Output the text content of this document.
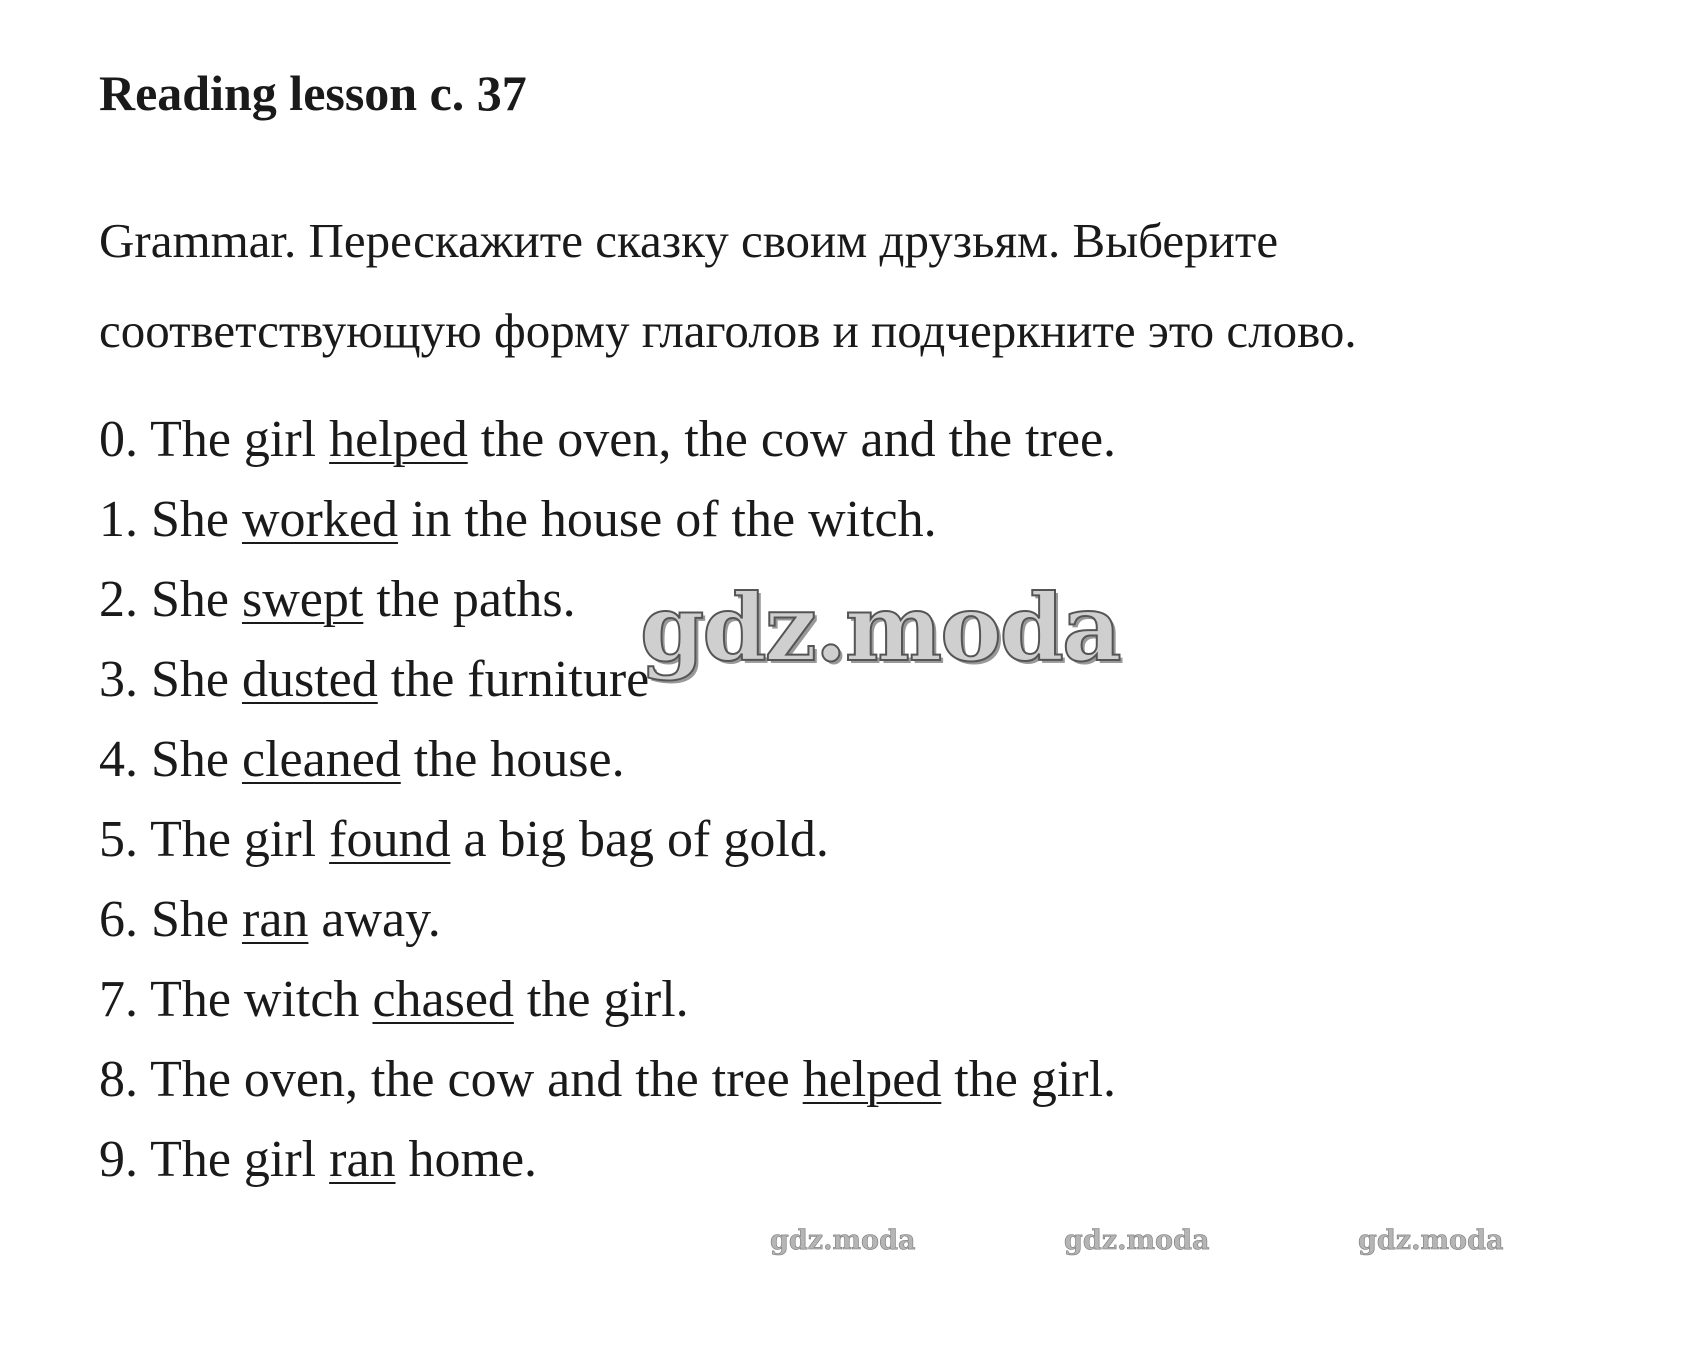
Reading lesson с. 37
Grammar. Перескажите сказку своим друзьям. Выберите
соответствующую форму глаголов и подчеркните это слово.
0. The girl helped the oven, the cow and the tree.
1. She worked in the house of the witch.
2. She swept the paths.
3. She dusted the furniture
4. She cleaned the house.
5. The girl found a big bag of gold.
6. She ran away.
7. The witch chased the girl.
8. The oven, the cow and the tree helped the girl.
9. The girl ran home.
gdz.moda
gdz.moda	gdz.moda	gdz.moda
